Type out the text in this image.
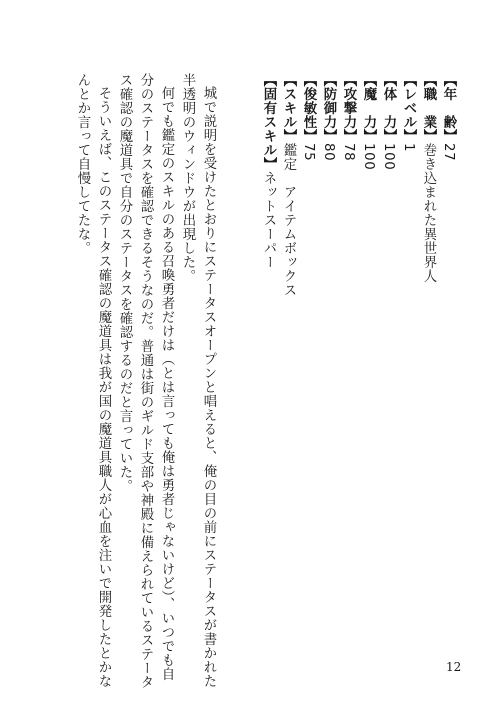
【年　齢】27
【職　業】巻き込まれた異世界人
【レベル】1
【体　力】100
【魔　力】100
【攻撃力】78
【防御力】80
【俊敏性】75
【スキル】鑑定　アイテムボックス
【固有スキル】ネットスーパー
城で説明を受けたとおりにステータスオープンと唱えると、俺の目の前にステータスが書かれた
半透明のウィンドウが出現した。
何でも鑑定のスキルのある召喚勇者だけは（とは言っても俺は勇者じゃないけど）、いつでも自
分のステータスを確認できるそうなのだ。普通は街のギルド支部や神殿に備えられているステータ
ス確認の魔道具で自分のステータスを確認するのだと言っていた。
そういえば、このステータス確認の魔道具は我が国の魔道具職人が心血を注いで開発したとかな
んとか言って自慢してたな。
12
